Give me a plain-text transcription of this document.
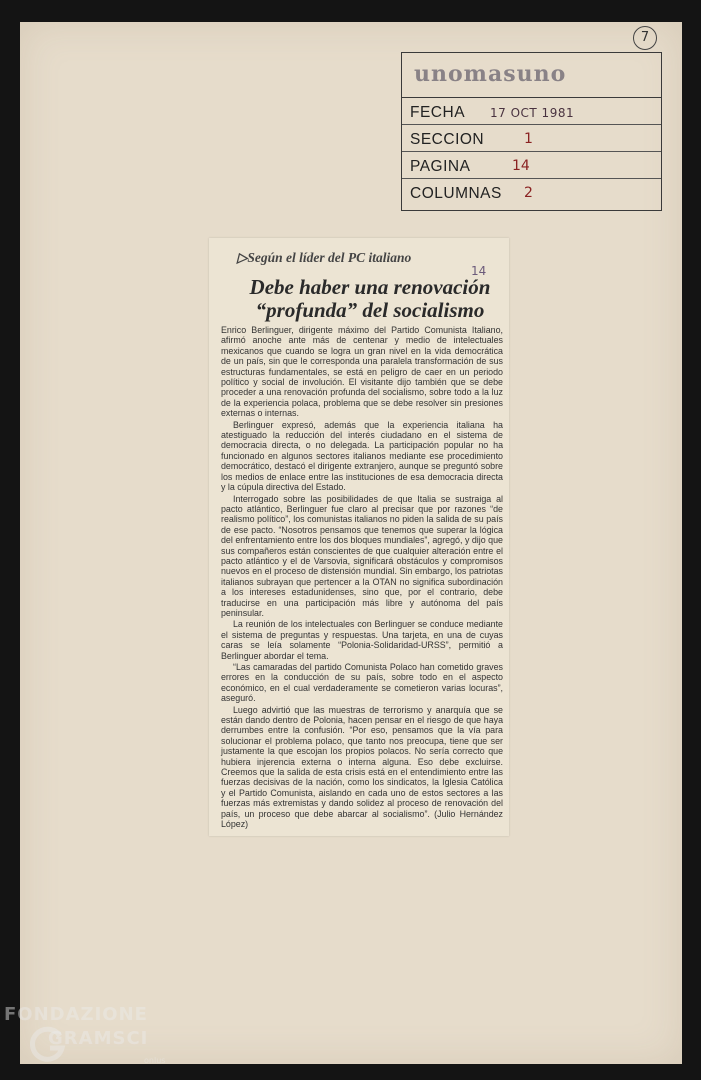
7
unomasuno
FECHA 17 OCT 1981
SECCION	1
PAGINA	14
COLUMNAS 2
▷Según el líder del PC italiano
14
Debe haber una renovación
“profunda” del socialismo

Enrico Berlinguer, dirigente máximo del Partido Comunista Italiano, afirmó anoche ante más de centenar y medio de intelectuales mexicanos que cuando se logra un gran nivel en la vida democrática de un país, sin que le corresponda una paralela transformación de sus estructuras fundamentales, se está en peligro de caer en un periodo político y social de involución. El visitante dijo también que se debe proceder a una renovación profunda del socialismo, sobre todo a la luz de la experiencia polaca, problema que se debe resolver sin presiones externas o internas.

Berlinguer expresó, además que la experiencia italiana ha atestiguado la reducción del interés ciudadano en el sistema de democracia directa, o no delegada. La participación popular no ha funcionado en algunos sectores italianos mediante ese procedimiento democrático, destacó el dirigente extranjero, aunque se preguntó sobre los medios de enlace entre las instituciones de esa democracia directa y la cúpula directiva del Estado.

Interrogado sobre las posibilidades de que Italia se sustraiga al pacto atlántico, Berlinguer fue claro al precisar que por razones “de realismo político”, los comunistas italianos no piden la salida de su país de ese pacto. “Nosotros pensamos que tenemos que superar la lógica del enfrentamiento entre los dos bloques mundiales”, agregó, y dijo que sus compañeros están conscientes de que cualquier alteración entre el pacto atlántico y el de Varsovia, significará obstáculos y compromisos nuevos en el proceso de distensión mundial. Sin embargo, los patriotas italianos subrayan que pertencer a la OTAN no significa subordinación a los intereses estadunidenses, sino que, por el contrario, debe traducirse en una participación más libre y autónoma del país peninsular.

La reunión de los intelectuales con Berlinguer se conduce mediante el sistema de preguntas y respuestas. Una tarjeta, en una de cuyas caras se leía solamente “Polonia-Solidaridad-URSS”, permitió a Berlinguer abordar el tema.

“Las camaradas del partido Comunista Polaco han cometido graves errores en la conducción de su país, sobre todo en el aspecto económico, en el cual verdaderamente se cometieron varias locuras”, aseguró.

Luego advirtió que las muestras de terrorismo y anarquía que se están dando dentro de Polonia, hacen pensar en el riesgo de que haya derrumbes entre la confusión. “Por eso, pensamos que la vía para solucionar el problema polaco, que tanto nos preocupa, tiene que ser justamente la que escojan los propios polacos. No sería correcto que hubiera injerencia externa o interna alguna. Eso debe excluirse. Creemos que la salida de esta crisis está en el entendimiento entre las fuerzas decisivas de la nación, como los sindicatos, la Iglesia Católica y el Partido Comunista, aislando en cada uno de estos sectores a las fuerzas más extremistas y dando solidez al proceso de renovación del país, un proceso que debe abarcar al socialismo”. (Julio Hernández López)

FONDAZIONE
GRAMSCI
onlus
